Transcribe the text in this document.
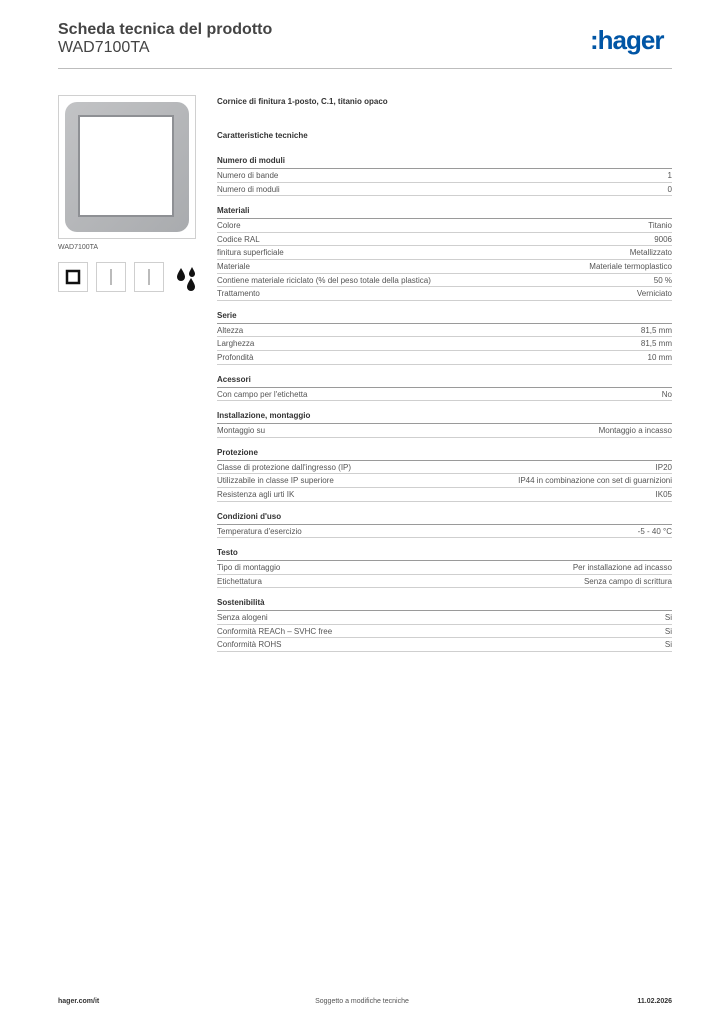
Scheda tecnica del prodotto
WAD7100TA	:hager
WAD7100TA
Cornice di finitura 1-posto, C.1, titanio opaco
Caratteristiche tecniche
Numero di moduli
Numero di bande	1
Numero di moduli	0
Materiali
Colore	Titanio
Codice RAL	9006
finitura superficiale	Metallizzato
Materiale	Materiale termoplastico
Contiene materiale riciclato (% del peso totale della plastica)	50 %
Trattamento	Verniciato
Serie
Altezza	81,5 mm
Larghezza	81,5 mm
Profondità	10 mm
Acessori
Con campo per l'etichetta	No
Installazione, montaggio
Montaggio su	Montaggio a incasso
Protezione
Classe di protezione dall'ingresso (IP)	IP20
Utilizzabile in classe IP superiore	IP44 in combinazione con set di guarnizioni
Resistenza agli urti IK	IK05
Condizioni d'uso
Temperatura d'esercizio	-5 - 40 °C
Testo
Tipo di montaggio	Per installazione ad incasso
Etichettatura	Senza campo di scrittura
Sostenibilità
Senza alogeni	Si
Conformità REACh – SVHC free	Si
Conformità ROHS	Si
hager.com/it	Soggetto a modifiche tecniche	11.02.2026
